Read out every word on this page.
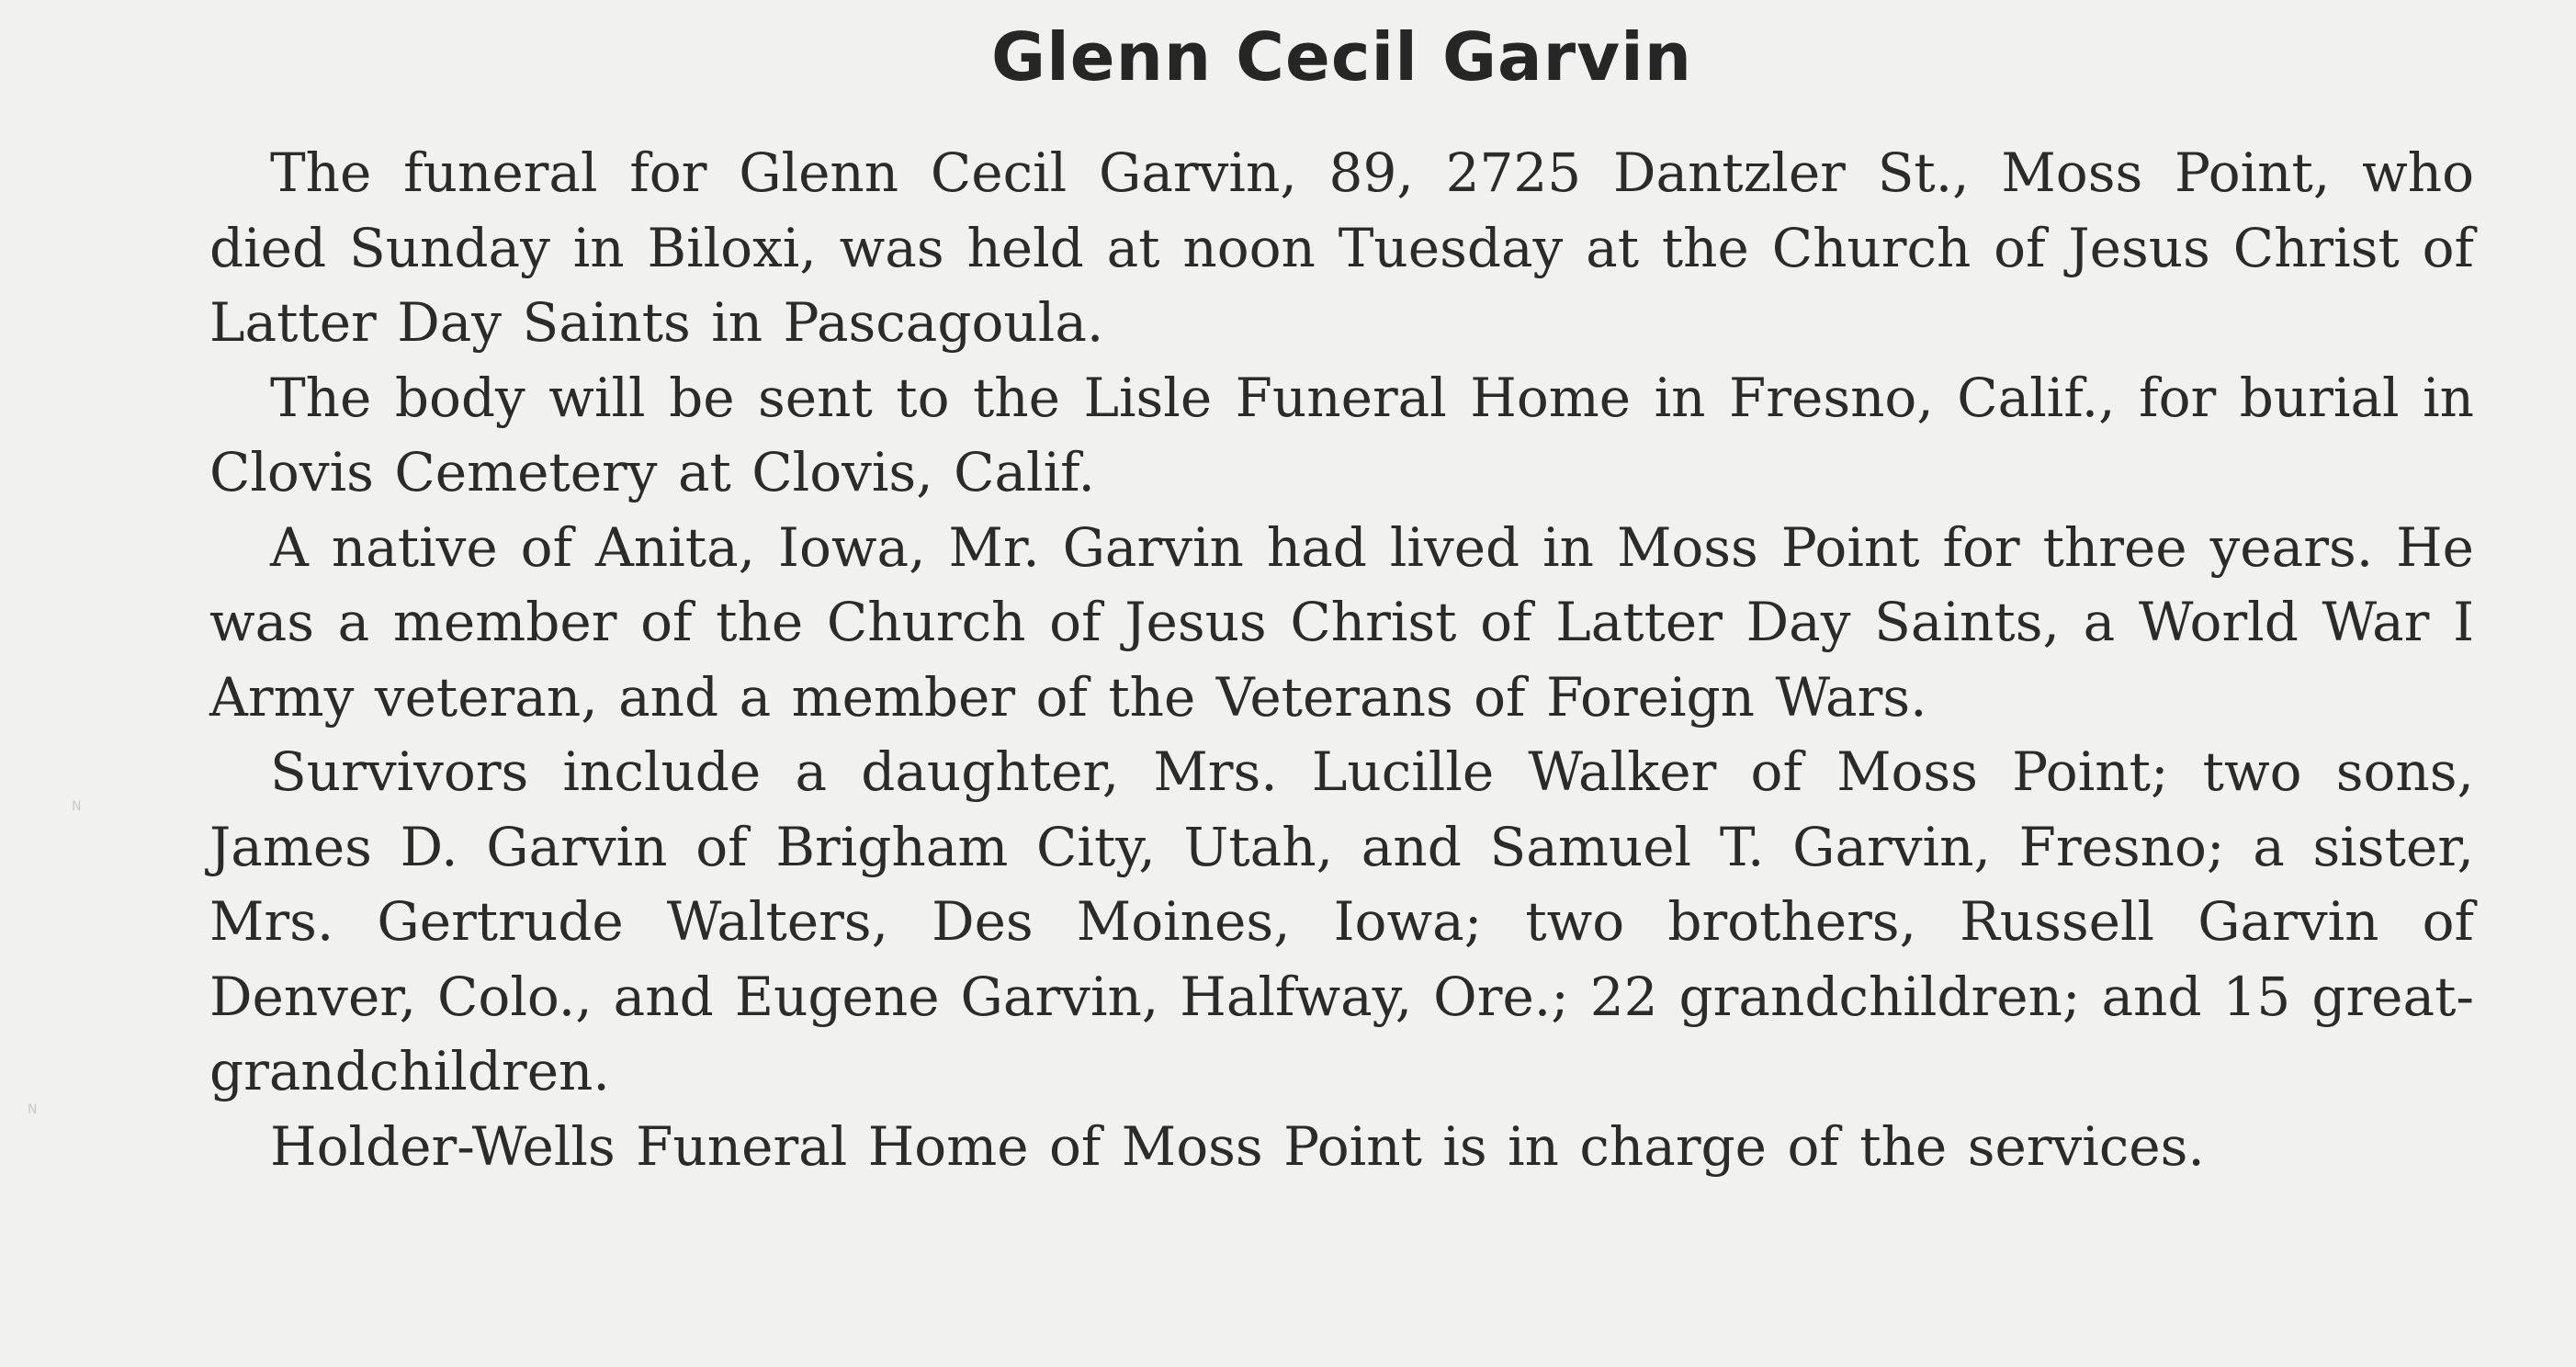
Glenn Cecil Garvin

The funeral for Glenn Cecil Garvin, 89, 2725 Dantzler St., Moss Point, who died Sunday in Biloxi, was held at noon Tuesday at the Church of Jesus Christ of Latter Day Saints in Pascagoula.

The body will be sent to the Lisle Funeral Home in Fresno, Calif., for burial in Clovis Cemetery at Clovis, Calif.

A native of Anita, Iowa, Mr. Garvin had lived in Moss Point for three years. He was a member of the Church of Jesus Christ of Latter Day Saints, a World War I Army veteran, and a member of the Veterans of Foreign Wars.

Survivors include a daughter, Mrs. Lucille Walker of Moss Point; two sons, James D. Garvin of Brigham City, Utah, and Samuel T. Garvin, Fresno; a sister, Mrs. Gertrude Walters, Des Moines, Iowa; two brothers, Russell Garvin of Denver, Colo., and Eugene Garvin, Halfway, Ore.; 22 grandchildren; and 15 great-grandchildren.

Holder-Wells Funeral Home of Moss Point is in charge of the services.

N
N
